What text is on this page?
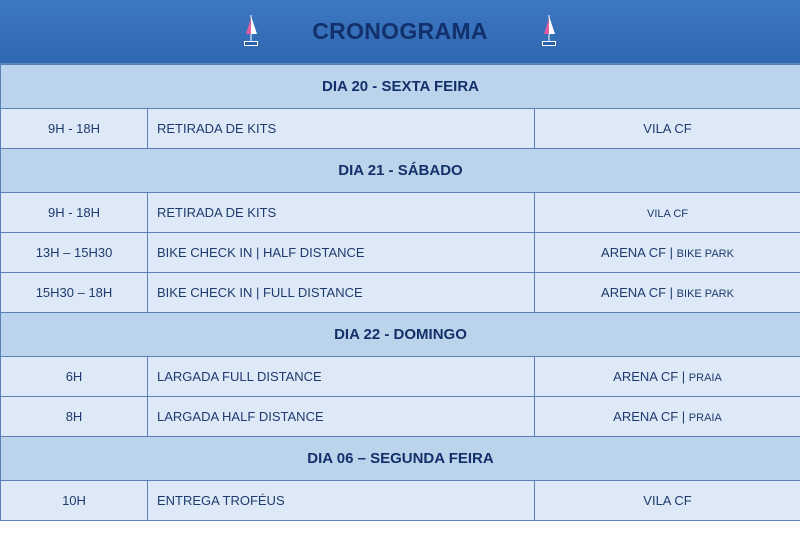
CRONOGRAMA
DIA 20 - SEXTA FEIRA		
9H - 18H	RETIRADA DE KITS	VILA CF
DIA 21 - SÁBADO		
9H - 18H	RETIRADA DE KITS	VILA CF
13H – 15H30	BIKE CHECK IN | HALF DISTANCE	ARENA CF | BIKE PARK
15H30 – 18H	BIKE CHECK IN | FULL DISTANCE	ARENA CF | BIKE PARK
DIA 22 - DOMINGO		
6H	LARGADA FULL DISTANCE	ARENA CF | PRAIA
8H	LARGADA HALF DISTANCE	ARENA CF | PRAIA
DIA 06 – SEGUNDA FEIRA		
10H	ENTREGA TROFÉUS	VILA CF
